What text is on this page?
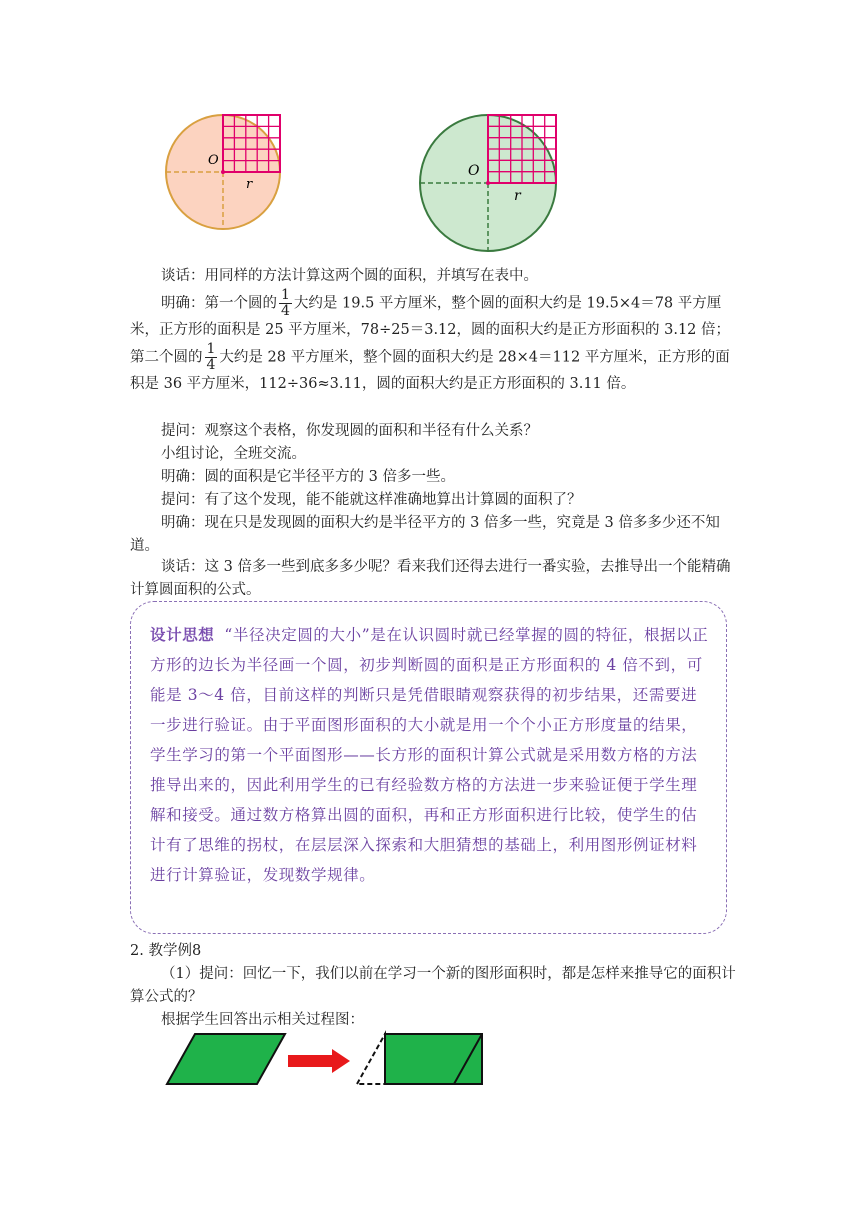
O
r
O
r
谈话：用同样的方法计算这两个圆的面积，并填写在表中。
明确：第一个圆的 $\frac{1}{4}$ 大约是 19.5 平方厘米，整个圆的面积大约是 19.5×4＝78 平方厘米，正方形的面积是 25 平方厘米，78÷25＝3.12，圆的面积大约是正方形面积的 3.12 倍；第二个圆的 $\frac{1}{4}$ 大约是 28 平方厘米，整个圆的面积大约是 28×4＝112 平方厘米，正方形的面积是 36 平方厘米，112÷36≈3.11，圆的面积大约是正方形面积的 3.11 倍。
提问：观察这个表格，你发现圆的面积和半径有什么关系？
小组讨论，全班交流。
明确：圆的面积是它半径平方的 3 倍多一些。
提问：有了这个发现，能不能就这样准确地算出计算圆的面积了？
明确：现在只是发现圆的面积大约是半径平方的 3 倍多一些，究竟是 3 倍多多少还不知道。
谈话：这 3 倍多一些到底多多少呢？看来我们还得去进行一番实验，去推导出一个能精确计算圆面积的公式。
设计思想 “半径决定圆的大小”是在认识圆时就已经掌握的圆的特征，根据以正方形的边长为半径画一个圆，初步判断圆的面积是正方形面积的 4 倍不到，可能是 3～4 倍，目前这样的判断只是凭借眼睛观察获得的初步结果，还需要进一步进行验证。由于平面图形面积的大小就是用一个个小正方形度量的结果，学生学习的第一个平面图形——长方形的面积计算公式就是采用数方格的方法推导出来的，因此利用学生的已有经验数方格的方法进一步来验证便于学生理解和接受。通过数方格算出圆的面积，再和正方形面积进行比较，使学生的估计有了思维的拐杖，在层层深入探索和大胆猜想的基础上，利用图形例证材料进行计算验证，发现数学规律。
2. 教学例8
（1）提问：回忆一下，我们以前在学习一个新的图形面积时，都是怎样来推导它的面积计算公式的？
根据学生回答出示相关过程图：
